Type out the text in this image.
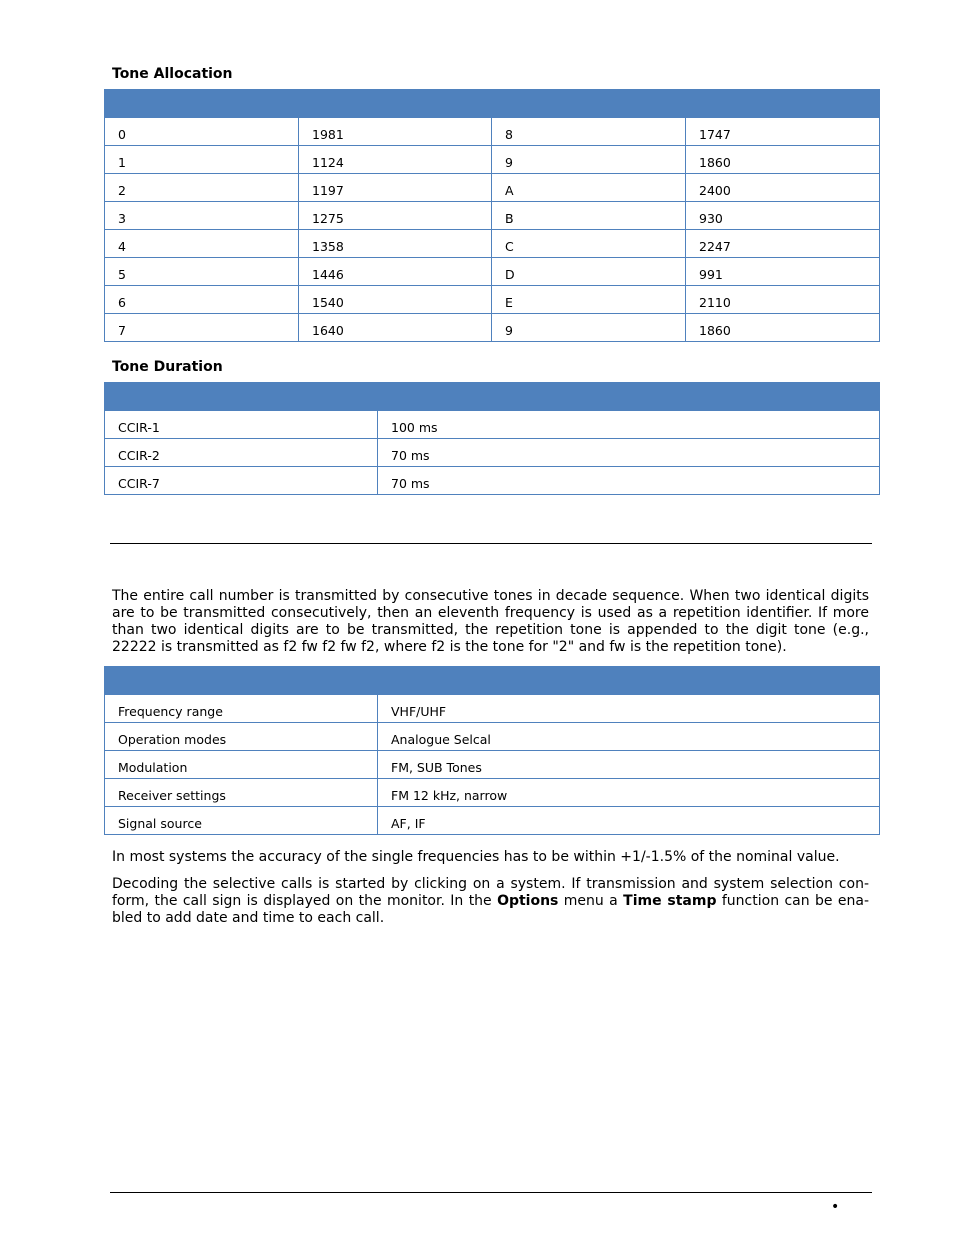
Tone Allocation

0	1981	8	1747
1	1124	9	1860
2	1197	A	2400
3	1275	B	930
4	1358	C	2247
5	1446	D	991
6	1540	E	2110
7	1640	9	1860
Tone Duration

CCIR-1	100 ms
CCIR-2	70 ms
CCIR-7	70 ms

The entire call number is transmitted by consecutive tones in decade sequence. When two identical digits are to be transmitted consecutively, then an eleventh frequency is used as a repetition identifier. If more than two identical digits are to be transmitted, the repetition tone is appended to the digit tone (e.g., 22222 is transmitted as f2 fw f2 fw f2, where f2 is the tone for "2" and fw is the repetition tone).

Frequency range	VHF/UHF
Operation modes	Analogue Selcal
Modulation	FM, SUB Tones
Receiver settings	FM 12 kHz, narrow
Signal source	AF, IF

In most systems the accuracy of the single frequencies has to be within +1/-1.5% of the nominal value.

Decoding the selective calls is started by clicking on a system. If transmission and system selection con-form, the call sign is displayed on the monitor. In the Options menu a Time stamp function can be ena-bled to add date and time to each call.

•
